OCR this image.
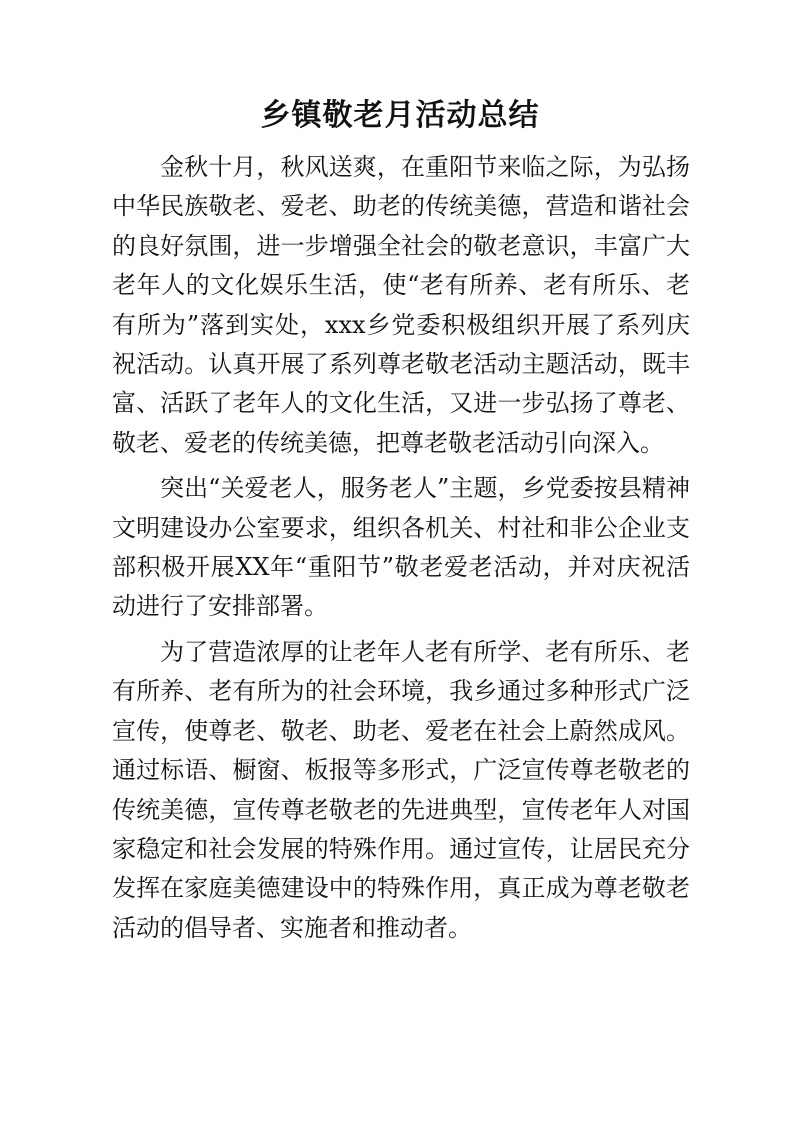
乡镇敬老月活动总结

金秋十月，秋风送爽，在重阳节来临之际，为弘扬中华民族敬老、爱老、助老的传统美德，营造和谐社会的良好氛围，进一步增强全社会的敬老意识，丰富广大老年人的文化娱乐生活，使“老有所养、老有所乐、老有所为”落到实处，xxx乡党委积极组织开展了系列庆祝活动。认真开展了系列尊老敬老活动主题活动，既丰富、活跃了老年人的文化生活，又进一步弘扬了尊老、敬老、爱老的传统美德，把尊老敬老活动引向深入。

突出“关爱老人，服务老人”主题，乡党委按县精神文明建设办公室要求，组织各机关、村社和非公企业支部积极开展XX年“重阳节”敬老爱老活动，并对庆祝活动进行了安排部署。

为了营造浓厚的让老年人老有所学、老有所乐、老有所养、老有所为的社会环境，我乡通过多种形式广泛宣传，使尊老、敬老、助老、爱老在社会上蔚然成风。通过标语、橱窗、板报等多形式，广泛宣传尊老敬老的传统美德，宣传尊老敬老的先进典型，宣传老年人对国家稳定和社会发展的特殊作用。通过宣传，让居民充分发挥在家庭美德建设中的特殊作用，真正成为尊老敬老活动的倡导者、实施者和推动者。
